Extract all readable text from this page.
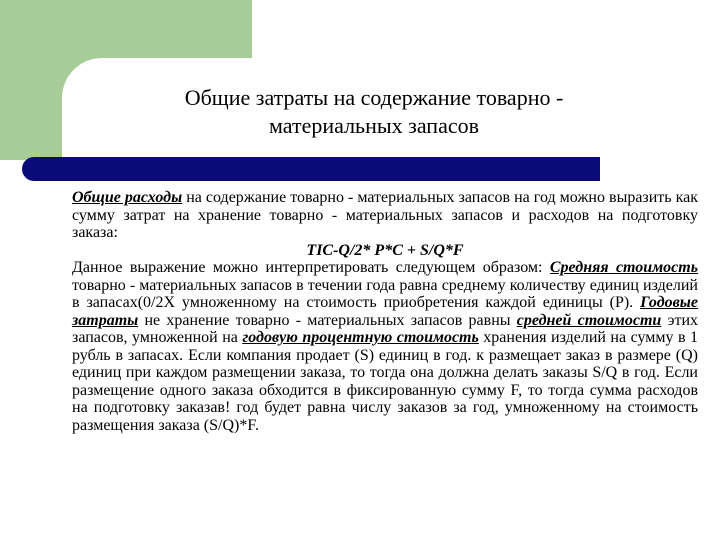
Общие затраты на содержание товарно -
материальных запасов

Общие расходы на содержание товарно - материальных запасов на год можно выразить как сумму затрат на хранение товарно - материальных запасов и расходов на подготовку заказа:

TIC-Q/2* P*C + S/Q*F

Данное выражение можно интерпретировать следующем образом: Средняя стоимость товарно - материальных запасов в течении года равна среднему количеству единиц изделий в запасах(0/2Х умноженному на стоимость приобретения каждой единицы (Р). Годовые затраты не хранение товарно - материальных запасов равны средней стоимости этих запасов, умноженной на годовую процентную стоимость хранения изделий на сумму в 1 рубль в запасах. Если компания продает (S) единиц в год. к размещает заказ в размере (Q) единиц при каждом размещении заказа, то тогда она должна делать заказы S/Q в год. Если размещение одного заказа обходится в фиксированную сумму F, то тогда сумма расходов на подготовку заказав! год будет равна числу заказов за год, умноженному на стоимость размещения заказа (S/Q)*F.
